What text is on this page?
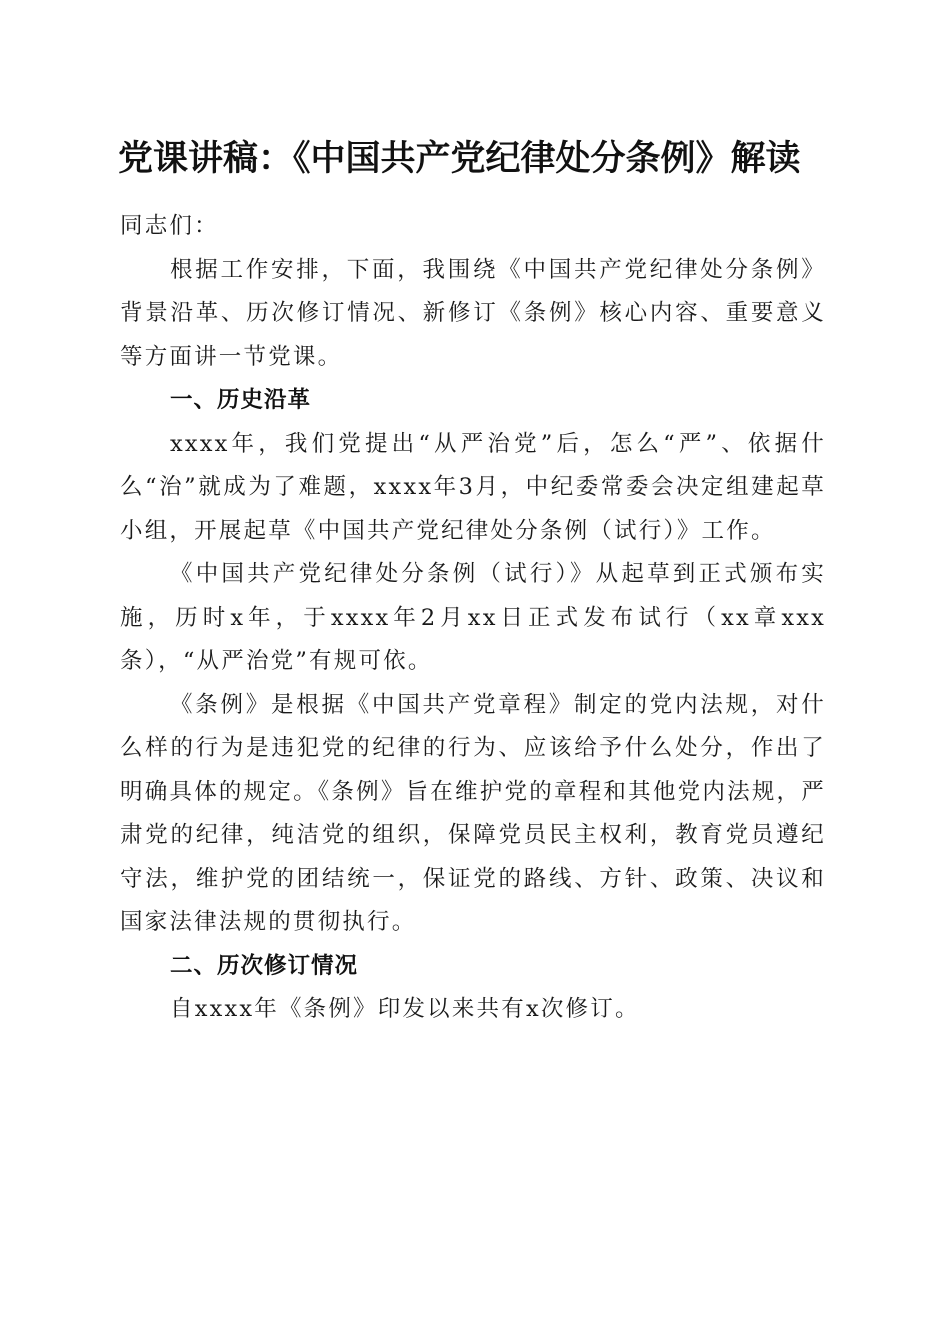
党课讲稿：《中国共产党纪律处分条例》解读

同志们：

根据工作安排，下面，我围绕《中国共产党纪律处分条例》背景沿革、历次修订情况、新修订《条例》核心内容、重要意义等方面讲一节党课。

一、历史沿革

xxxx年，我们党提出“从严治党”后，怎么“严”、依据什么“治”就成为了难题，xxxx年3月，中纪委常委会决定组建起草小组，开展起草《中国共产党纪律处分条例（试行）》工作。

《中国共产党纪律处分条例（试行）》从起草到正式颁布实施，历时x年，于xxxx年2月xx日正式发布试行（xx章xxx条），“从严治党”有规可依。

《条例》是根据《中国共产党章程》制定的党内法规，对什么样的行为是违犯党的纪律的行为、应该给予什么处分，作出了明确具体的规定。《条例》旨在维护党的章程和其他党内法规，严肃党的纪律，纯洁党的组织，保障党员民主权利，教育党员遵纪守法，维护党的团结统一，保证党的路线、方针、政策、决议和国家法律法规的贯彻执行。

二、历次修订情况

自xxxx年《条例》印发以来共有x次修订。
